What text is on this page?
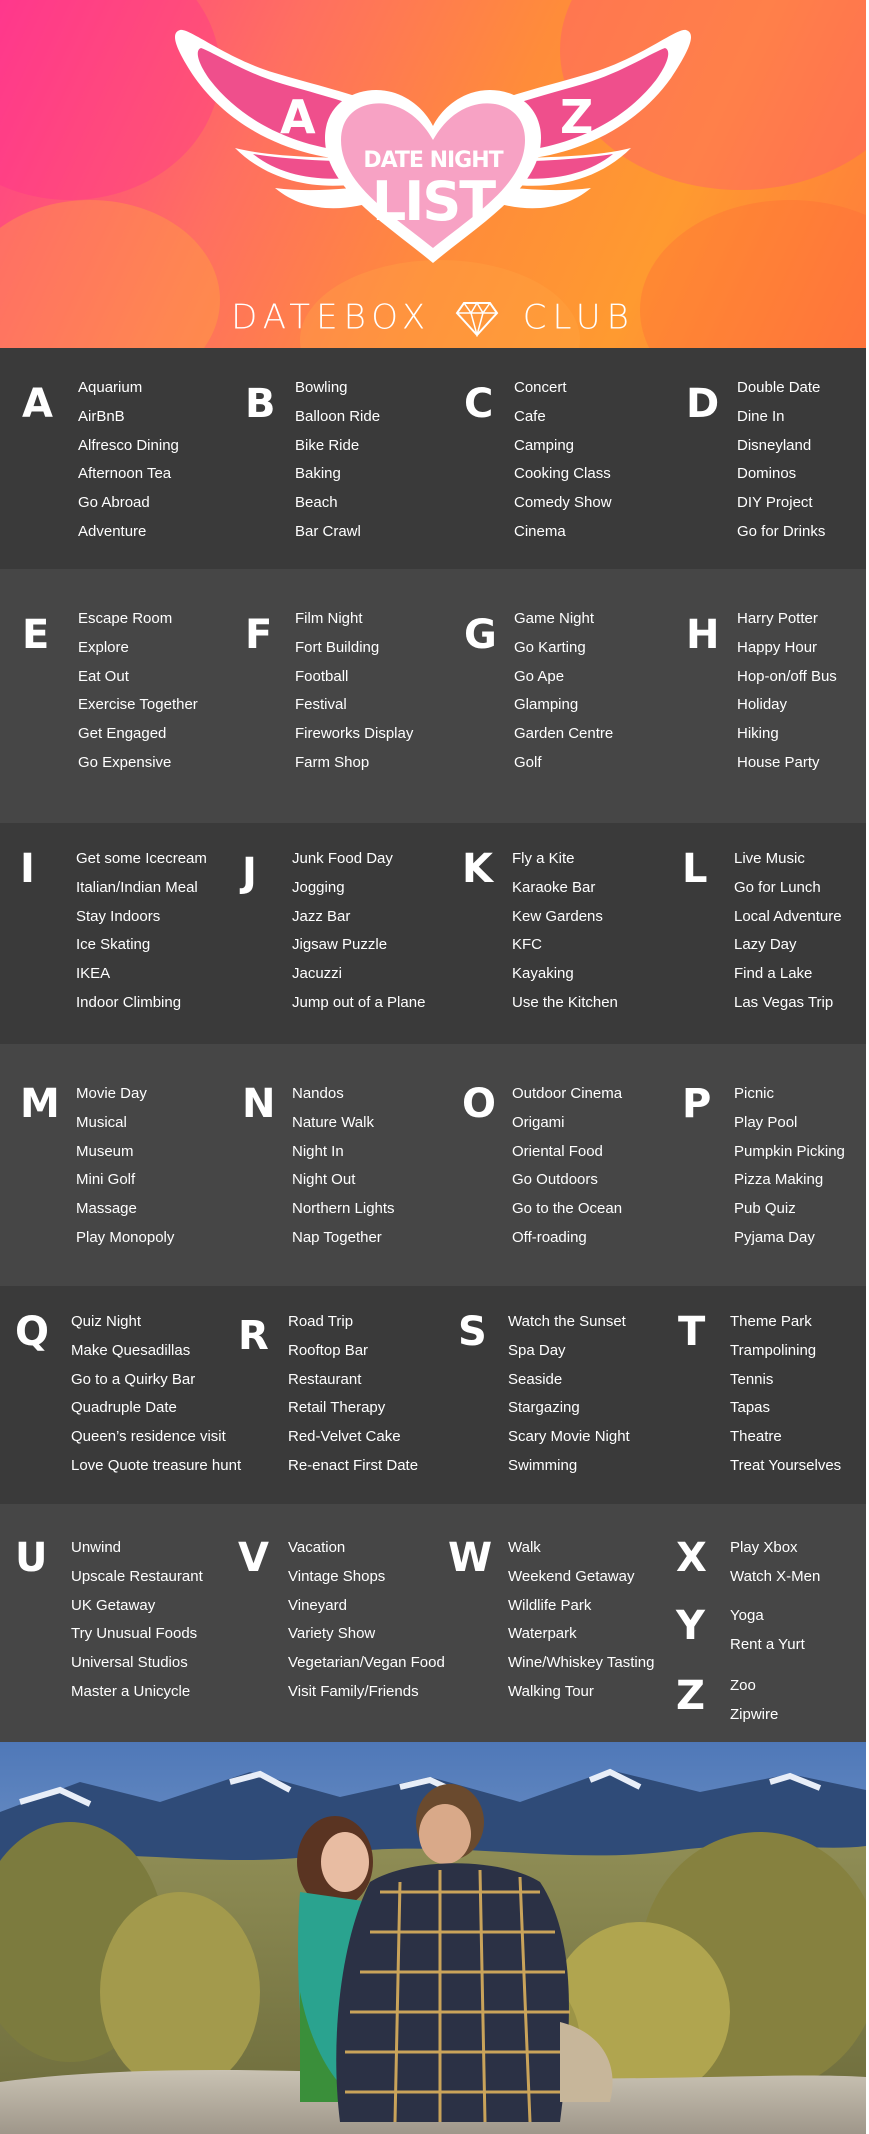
A	Z
DATE NIGHT
LIST
DATEBOX	CLUB
A Aquarium
AirBnB
Alfresco Dining
Afternoon Tea
Go Abroad
Adventure
B Bowling
Balloon Ride
Bike Ride
Baking
Beach
Bar Crawl
C Concert
Cafe
Camping
Cooking Class
Comedy Show
Cinema
D Double Date
Dine In
Disneyland
Dominos
DIY Project
Go for Drinks
E Escape Room
Explore
Eat Out
Exercise Together
Get Engaged
Go Expensive
F Film Night
Fort Building
Football
Festival
Fireworks Display
Farm Shop
G Game Night
Go Karting
Go Ape
Glamping
Garden Centre
Golf
H Harry Potter
Happy Hour
Hop-on/off Bus
Holiday
Hiking
House Party
I	Get some Icecream
Italian/Indian Meal
Stay Indoors
Ice Skating
IKEA
Indoor Climbing
J Junk Food Day
Jogging
Jazz Bar
Jigsaw Puzzle
Jacuzzi
Jump out of a Plane
K Fly a Kite
Karaoke Bar
Kew Gardens
KFC
Kayaking
Use the Kitchen
L Live Music
Go for Lunch
Local Adventure
Lazy Day
Find a Lake
Las Vegas Trip
M Movie Day
Musical
Museum
Mini Golf
Massage
Play Monopoly
N Nandos
Nature Walk
Night In
Night Out
Northern Lights
Nap Together
O Outdoor Cinema
Origami
Oriental Food
Go Outdoors
Go to the Ocean
Off-roading
P Picnic
Play Pool
Pumpkin Picking
Pizza Making
Pub Quiz
Pyjama Day
Q Quiz Night
Make Quesadillas
Go to a Quirky Bar
Quadruple Date
Queen’s residence visit
Love Quote treasure hunt
R Road Trip
Rooftop Bar
Restaurant
Retail Therapy
Red-Velvet Cake
Re-enact First Date
S Watch the Sunset
Spa Day
Seaside
Stargazing
Scary Movie Night
Swimming
T Theme Park
Trampolining
Tennis
Tapas
Theatre
Treat Yourselves
U Unwind
Upscale Restaurant
UK Getaway
Try Unusual Foods
Universal Studios
Master a Unicycle
V Vacation
Vintage Shops
Vineyard
Variety Show
Vegetarian/Vegan Food
Visit Family/Friends
W Walk
Weekend Getaway
Wildlife Park
Waterpark
Wine/Whiskey Tasting
Walking Tour
X Play Xbox
Watch X-Men
Y Yoga
Rent a Yurt
Z Zoo
Zipwire
